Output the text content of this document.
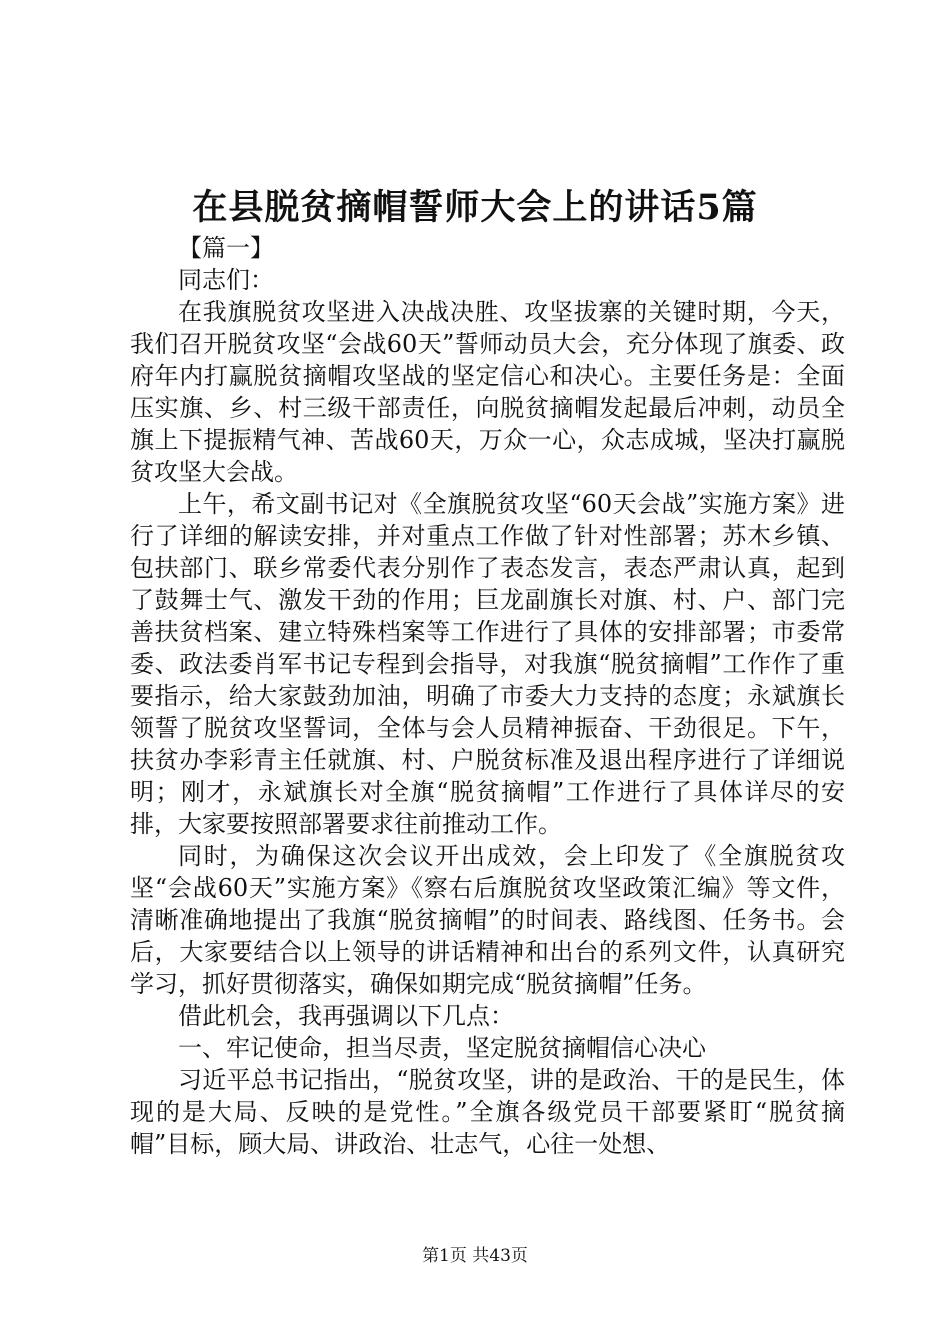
在县脱贫摘帽誓师大会上的讲话5篇

【篇一】

同志们：

在我旗脱贫攻坚进入决战决胜、攻坚拔寨的关键时期，今天，我们召开脱贫攻坚“会战60天”誓师动员大会，充分体现了旗委、政府年内打赢脱贫摘帽攻坚战的坚定信心和决心。主要任务是：全面压实旗、乡、村三级干部责任，向脱贫摘帽发起最后冲刺，动员全旗上下提振精气神、苦战60天，万众一心，众志成城，坚决打赢脱贫攻坚大会战。

上午，希文副书记对《全旗脱贫攻坚“60天会战”实施方案》进行了详细的解读安排，并对重点工作做了针对性部署；苏木乡镇、包扶部门、联乡常委代表分别作了表态发言，表态严肃认真，起到了鼓舞士气、激发干劲的作用；巨龙副旗长对旗、村、户、部门完善扶贫档案、建立特殊档案等工作进行了具体的安排部署；市委常委、政法委肖军书记专程到会指导，对我旗“脱贫摘帽”工作作了重要指示，给大家鼓劲加油，明确了市委大力支持的态度；永斌旗长领誓了脱贫攻坚誓词，全体与会人员精神振奋、干劲很足。下午，扶贫办李彩青主任就旗、村、户脱贫标准及退出程序进行了详细说明；刚才，永斌旗长对全旗“脱贫摘帽”工作进行了具体详尽的安排，大家要按照部署要求往前推动工作。

同时，为确保这次会议开出成效，会上印发了《全旗脱贫攻坚“会战60天”实施方案》《察右后旗脱贫攻坚政策汇编》等文件，清晰准确地提出了我旗“脱贫摘帽”的时间表、路线图、任务书。会后，大家要结合以上领导的讲话精神和出台的系列文件，认真研究学习，抓好贯彻落实，确保如期完成“脱贫摘帽”任务。

借此机会，我再强调以下几点：

一、牢记使命，担当尽责，坚定脱贫摘帽信心决心

习近平总书记指出，“脱贫攻坚，讲的是政治、干的是民生，体现的是大局、反映的是党性。”全旗各级党员干部要紧盯“脱贫摘帽”目标，顾大局、讲政治、壮志气，心往一处想、

第1页 共43页
